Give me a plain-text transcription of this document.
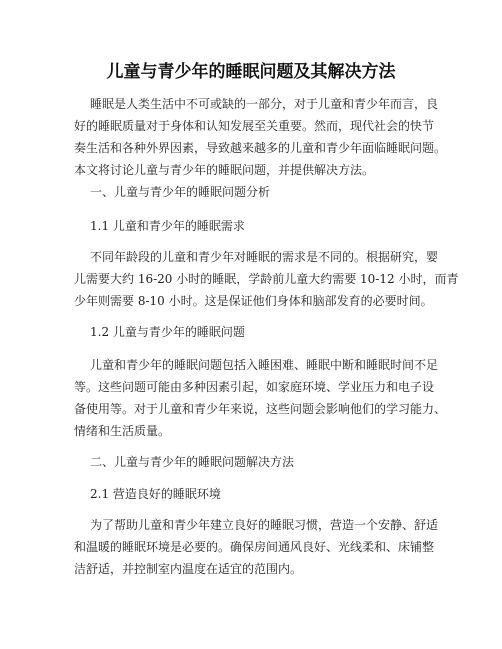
儿童与青少年的睡眠问题及其解决方法
睡眠是人类生活中不可或缺的一部分，对于儿童和青少年而言，良
好的睡眠质量对于身体和认知发展至关重要。然而，现代社会的快节
奏生活和各种外界因素，导致越来越多的儿童和青少年面临睡眠问题。
本文将讨论儿童与青少年的睡眠问题，并提供解决方法。
一、儿童与青少年的睡眠问题分析
1.1 儿童和青少年的睡眠需求
不同年龄段的儿童和青少年对睡眠的需求是不同的。根据研究，婴
儿需要大约 16-20 小时的睡眠，学龄前儿童大约需要 10-12 小时，而青
少年则需要 8-10 小时。这是保证他们身体和脑部发育的必要时间。
1.2 儿童与青少年的睡眠问题
儿童和青少年的睡眠问题包括入睡困难、睡眠中断和睡眠时间不足
等。这些问题可能由多种因素引起，如家庭环境、学业压力和电子设
备使用等。对于儿童和青少年来说，这些问题会影响他们的学习能力、
情绪和生活质量。
二、儿童与青少年的睡眠问题解决方法
2.1 营造良好的睡眠环境
为了帮助儿童和青少年建立良好的睡眠习惯，营造一个安静、舒适
和温暖的睡眠环境是必要的。确保房间通风良好、光线柔和、床铺整
洁舒适，并控制室内温度在适宜的范围内。
